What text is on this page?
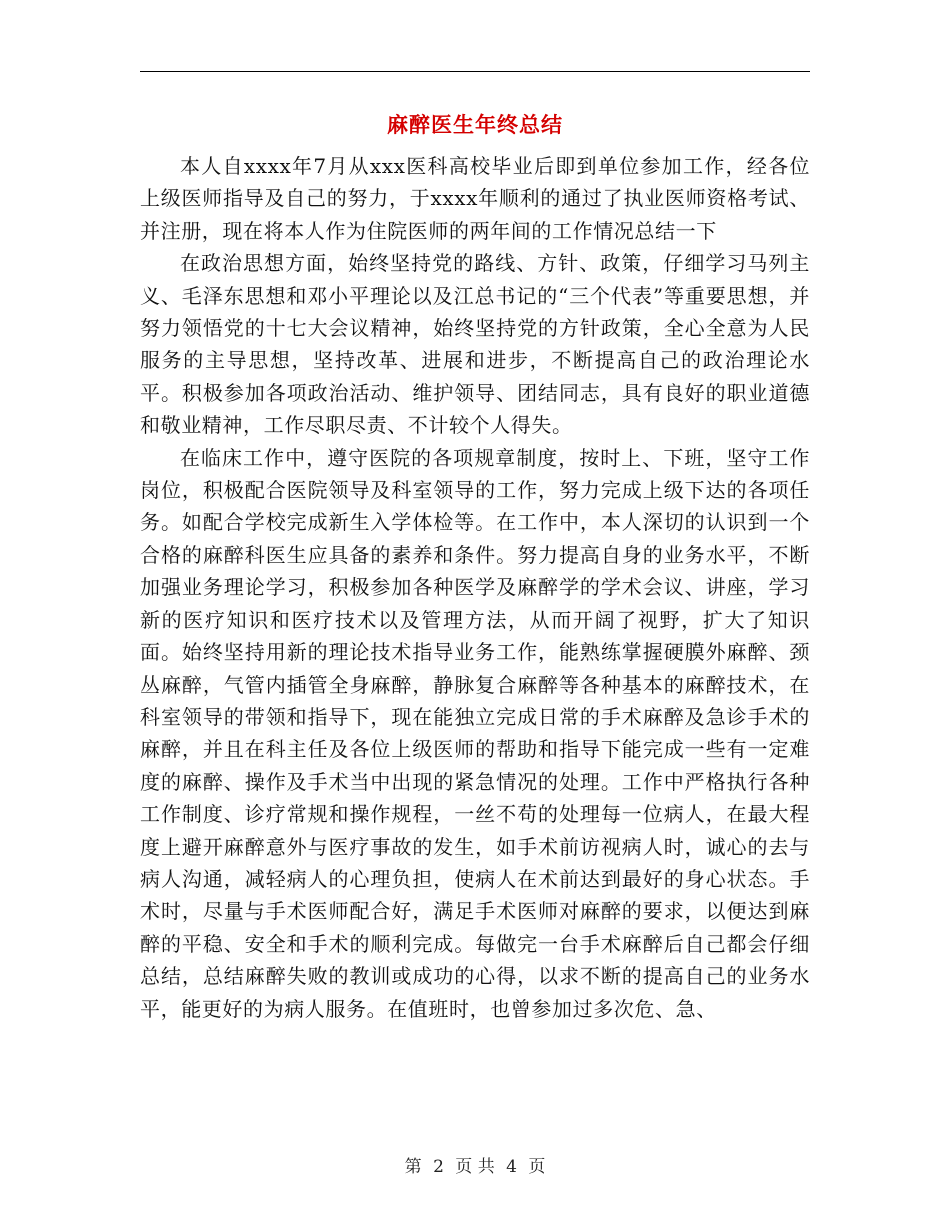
麻醉医生年终总结

本人自xxxx年7月从xxx医科高校毕业后即到单位参加工作，经各位上级医师指导及自己的努力，于xxxx年顺利的通过了执业医师资格考试、并注册，现在将本人作为住院医师的两年间的工作情况总结一下

在政治思想方面，始终坚持党的路线、方针、政策，仔细学习马列主义、毛泽东思想和邓小平理论以及江总书记的“三个代表”等重要思想，并努力领悟党的十七大会议精神，始终坚持党的方针政策，全心全意为人民服务的主导思想，坚持改革、进展和进步，不断提高自己的政治理论水平。积极参加各项政治活动、维护领导、团结同志，具有良好的职业道德和敬业精神，工作尽职尽责、不计较个人得失。

在临床工作中，遵守医院的各项规章制度，按时上、下班，坚守工作岗位，积极配合医院领导及科室领导的工作，努力完成上级下达的各项任务。如配合学校完成新生入学体检等。在工作中，本人深切的认识到一个合格的麻醉科医生应具备的素养和条件。努力提高自身的业务水平，不断加强业务理论学习，积极参加各种医学及麻醉学的学术会议、讲座，学习新的医疗知识和医疗技术以及管理方法，从而开阔了视野，扩大了知识面。始终坚持用新的理论技术指导业务工作，能熟练掌握硬膜外麻醉、颈丛麻醉，气管内插管全身麻醉，静脉复合麻醉等各种基本的麻醉技术，在科室领导的带领和指导下，现在能独立完成日常的手术麻醉及急诊手术的麻醉，并且在科主任及各位上级医师的帮助和指导下能完成一些有一定难度的麻醉、操作及手术当中出现的紧急情况的处理。工作中严格执行各种工作制度、诊疗常规和操作规程，一丝不苟的处理每一位病人，在最大程度上避开麻醉意外与医疗事故的发生，如手术前访视病人时，诚心的去与病人沟通，减轻病人的心理负担，使病人在术前达到最好的身心状态。手术时，尽量与手术医师配合好，满足手术医师对麻醉的要求，以便达到麻醉的平稳、安全和手术的顺利完成。每做完一台手术麻醉后自己都会仔细总结，总结麻醉失败的教训或成功的心得，以求不断的提高自己的业务水平，能更好的为病人服务。在值班时，也曾参加过多次危、急、

第 2 页 共 4 页
